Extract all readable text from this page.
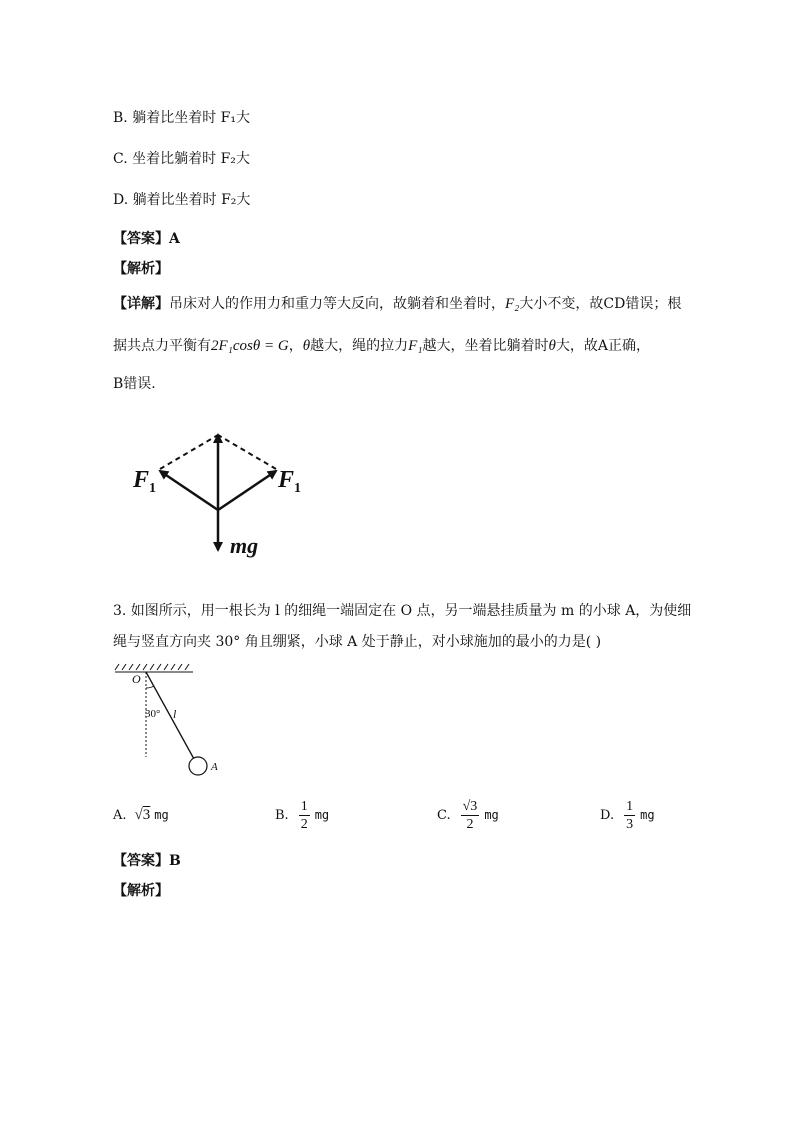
B. 躺着比坐着时 F₁大
C. 坐着比躺着时 F₂大
D. 躺着比坐着时 F₂大
【答案】A
【解析】
【详解】吊床对人的作用力和重力等大反向，故躺着和坐着时，F₂大小不变，故CD错误；根
据共点力平衡有2F₁cosθ = G，θ越大，绳的拉力F₁越大，坐着比躺着时θ大，故A正确，
B错误.
$F_1$	$F_1$
mg
3. 如图所示，用一根长为 l 的细绳一端固定在 O 点，另一端悬挂质量为 m 的小球 A，为使细
绳与竖直方向夹 30° 角且绷紧，小球 A 处于静止，对小球施加的最小的力是( )
O
30° l
A
A. √3 mg	B. $\frac{1}{2}$ mg	C. $\frac{√3}{2}$ mg	D. $\frac{1}{3}$ mg
【答案】B
【解析】
